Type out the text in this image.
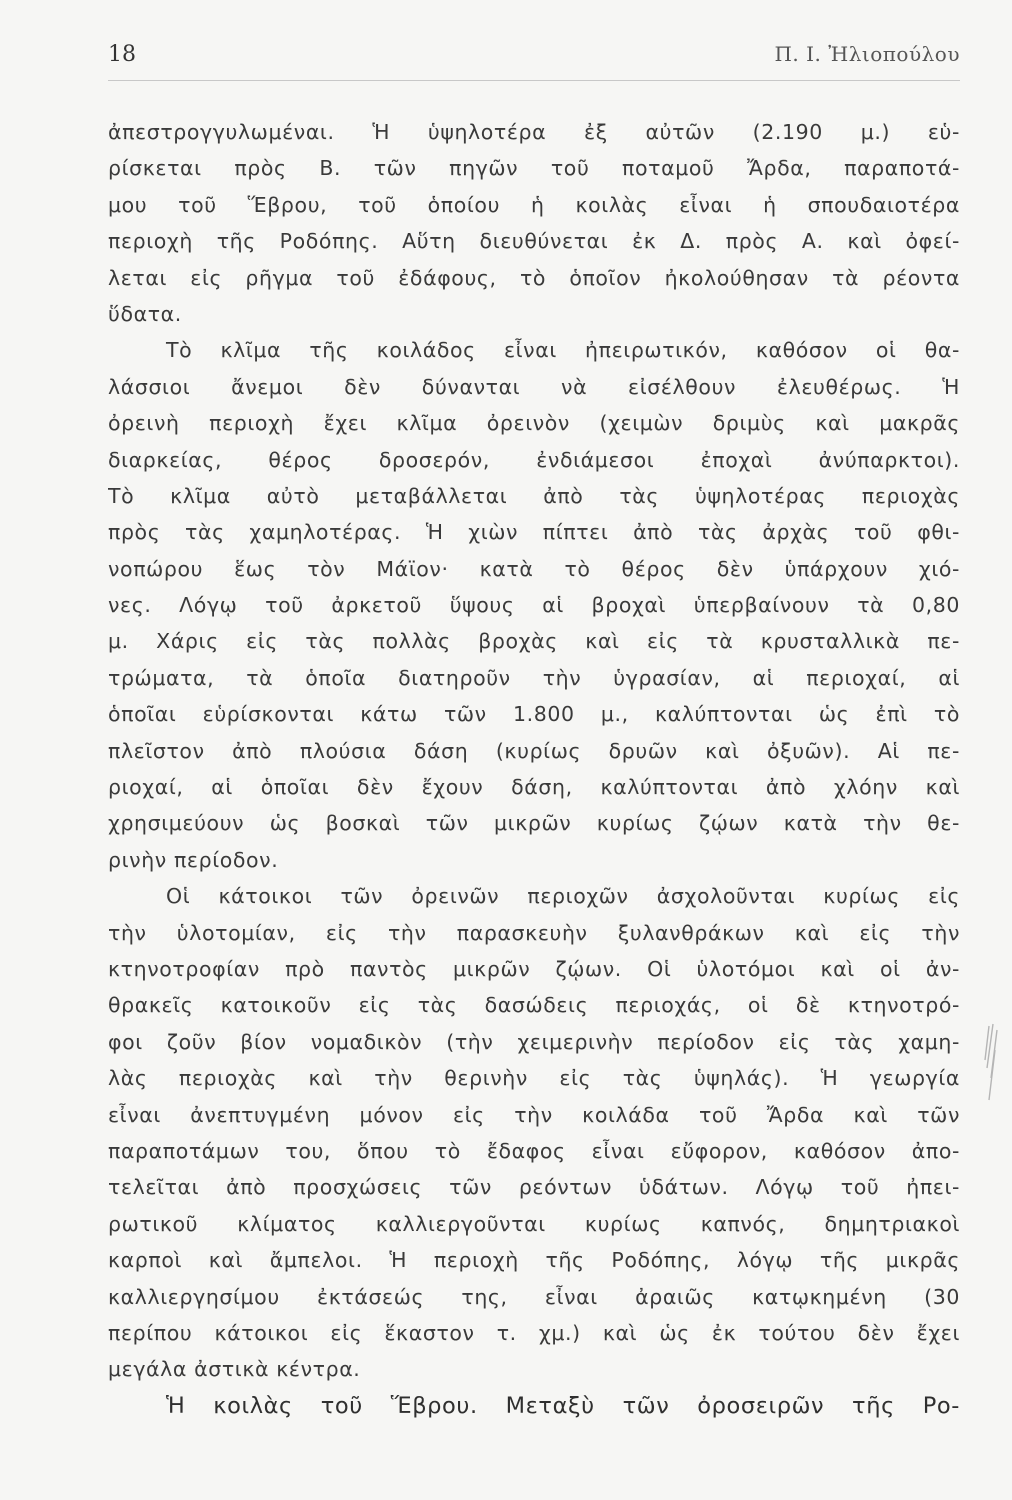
18	Π. Ι. Ἠλιοπούλου
ἀπεστρογγυλωμέναι. Ἡ ὑψηλοτέρα ἐξ αὐτῶν (2.190 μ.) εὑ-
ρίσκεται πρὸς Β. τῶν πηγῶν τοῦ ποταμοῦ Ἄρδα, παραποτά-
μου τοῦ Ἕβρου, τοῦ ὁποίου ἡ κοιλὰς εἶναι ἡ σπουδαιοτέρα
περιοχὴ τῆς Ροδόπης. Αὕτη διευθύνεται ἐκ Δ. πρὸς Α. καὶ ὀφεί-
λεται εἰς ρῆγμα τοῦ ἐδάφους, τὸ ὁποῖον ἠκολούθησαν τὰ ρέοντα
ὕδατα.
Τὸ κλῖμα τῆς κοιλάδος εἶναι ἠπειρωτικόν, καθόσον οἱ θα-
λάσσιοι ἄνεμοι δὲν δύνανται νὰ εἰσέλθουν ἐλευθέρως. Ἡ
ὀρεινὴ περιοχὴ ἔχει κλῖμα ὀρεινὸν (χειμὼν δριμὺς καὶ μακρᾶς
διαρκείας, θέρος δροσερόν, ἐνδιάμεσοι ἐποχαὶ ἀνύπαρκτοι).
Τὸ κλῖμα αὐτὸ μεταβάλλεται ἀπὸ τὰς ὑψηλοτέρας περιοχὰς
πρὸς τὰς χαμηλοτέρας. Ἡ χιὼν πίπτει ἀπὸ τὰς ἀρχὰς τοῦ φθι-
νοπώρου ἕως τὸν Μάϊον· κατὰ τὸ θέρος δὲν ὑπάρχουν χιό-
νες. Λόγῳ τοῦ ἀρκετοῦ ὕψους αἱ βροχαὶ ὑπερβαίνουν τὰ 0,80
μ. Χάρις εἰς τὰς πολλὰς βροχὰς καὶ εἰς τὰ κρυσταλλικὰ πε-
τρώματα, τὰ ὁποῖα διατηροῦν τὴν ὑγρασίαν, αἱ περιοχαί, αἱ
ὁποῖαι εὑρίσκονται κάτω τῶν 1.800 μ., καλύπτονται ὡς ἐπὶ τὸ
πλεῖστον ἀπὸ πλούσια δάση (κυρίως δρυῶν καὶ ὀξυῶν). Αἱ πε-
ριοχαί, αἱ ὁποῖαι δὲν ἔχουν δάση, καλύπτονται ἀπὸ χλόην καὶ
χρησιμεύουν ὡς βοσκαὶ τῶν μικρῶν κυρίως ζῴων κατὰ τὴν θε-
ρινὴν περίοδον.
Οἱ κάτοικοι τῶν ὀρεινῶν περιοχῶν ἀσχολοῦνται κυρίως εἰς
τὴν ὑλοτομίαν, εἰς τὴν παρασκευὴν ξυλανθράκων καὶ εἰς τὴν
κτηνοτροφίαν πρὸ παντὸς μικρῶν ζῴων. Οἱ ὑλοτόμοι καὶ οἱ ἀν-
θρακεῖς κατοικοῦν εἰς τὰς δασώδεις περιοχάς, οἱ δὲ κτηνοτρό-
φοι ζοῦν βίον νομαδικὸν (τὴν χειμερινὴν περίοδον εἰς τὰς χαμη-
λὰς περιοχὰς καὶ τὴν θερινὴν εἰς τὰς ὑψηλάς). Ἡ γεωργία
εἶναι ἀνεπτυγμένη μόνον εἰς τὴν κοιλάδα τοῦ Ἄρδα καὶ τῶν
παραποτάμων του, ὅπου τὸ ἔδαφος εἶναι εὔφορον, καθόσον ἀπο-
τελεῖται ἀπὸ προσχώσεις τῶν ρεόντων ὑδάτων. Λόγῳ τοῦ ἠπει-
ρωτικοῦ κλίματος καλλιεργοῦνται κυρίως καπνός, δημητριακοὶ
καρποὶ καὶ ἄμπελοι. Ἡ περιοχὴ τῆς Ροδόπης, λόγῳ τῆς μικρᾶς
καλλιεργησίμου ἐκτάσεώς της, εἶναι ἀραιῶς κατῳκημένη (30
περίπου κάτοικοι εἰς ἕκαστον τ. χμ.) καὶ ὡς ἐκ τούτου δὲν ἔχει
μεγάλα ἀστικὰ κέντρα.
Ἡ κοιλὰς τοῦ Ἕβρου. Μεταξὺ τῶν ὀροσειρῶν τῆς Ρο-
